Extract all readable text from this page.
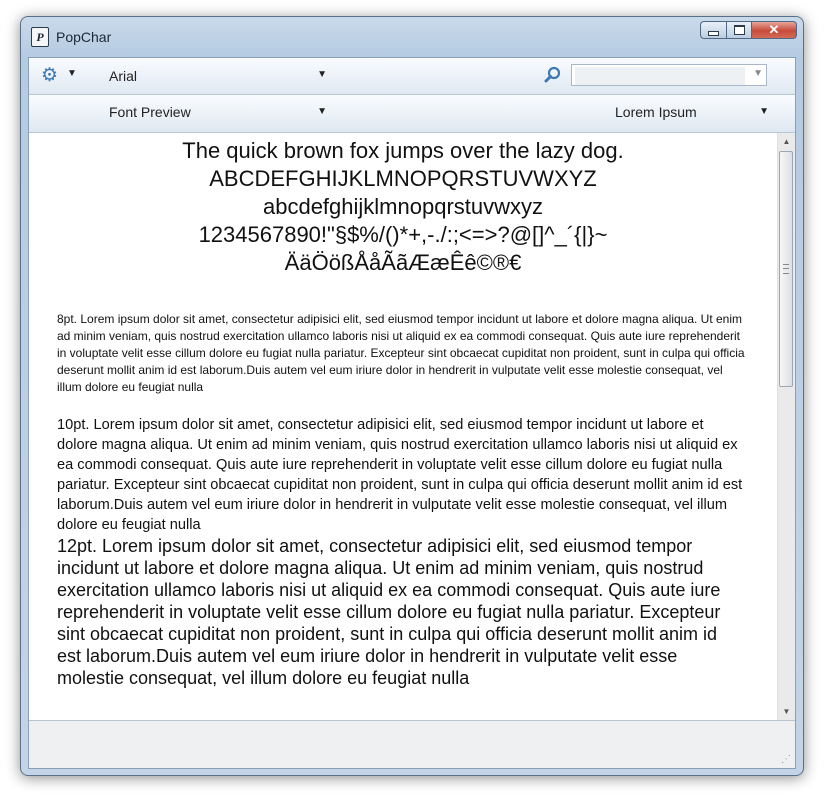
P PopChar	✕
⚙ ▼ Arial	▼	▼
Font Preview	▼	Lorem Ipsum	▼
The quick brown fox jumps over the lazy dog.
ABCDEFGHIJKLMNOPQRSTUVWXYZ
abcdefghijklmnopqrstuvwxyz
1234567890!"§$%/()*+,-./:;<=>?@[]^_´{|}~
ÄäÖößÅåÃãÆæÊê©®€
8pt. Lorem ipsum dolor sit amet, consectetur adipisici elit, sed eiusmod tempor incidunt ut labore et dolore magna aliqua. Ut enim ad minim veniam, quis nostrud exercitation ullamco laboris nisi ut aliquid ex ea commodi consequat. Quis aute iure reprehenderit in voluptate velit esse cillum dolore eu fugiat nulla pariatur. Excepteur sint obcaecat cupiditat non proident, sunt in culpa qui officia deserunt mollit anim id est laborum.Duis autem vel eum iriure dolor in hendrerit in vulputate velit esse molestie consequat, vel illum dolore eu feugiat nulla
10pt. Lorem ipsum dolor sit amet, consectetur adipisici elit, sed eiusmod tempor incidunt ut labore et dolore magna aliqua. Ut enim ad minim veniam, quis nostrud exercitation ullamco laboris nisi ut aliquid ex ea commodi consequat. Quis aute iure reprehenderit in voluptate velit esse cillum dolore eu fugiat nulla pariatur. Excepteur sint obcaecat cupiditat non proident, sunt in culpa qui officia deserunt mollit anim id est laborum.Duis autem vel eum iriure dolor in hendrerit in vulputate velit esse molestie consequat, vel illum dolore eu feugiat nulla
12pt. Lorem ipsum dolor sit amet, consectetur adipisici elit, sed eiusmod tempor incidunt ut labore et dolore magna aliqua. Ut enim ad minim veniam, quis nostrud exercitation ullamco laboris nisi ut aliquid ex ea commodi consequat. Quis aute iure reprehenderit in voluptate velit esse cillum dolore eu fugiat nulla pariatur. Excepteur sint obcaecat cupiditat non proident, sunt in culpa qui officia deserunt mollit anim id est laborum.Duis autem vel eum iriure dolor in hendrerit in vulputate velit esse molestie consequat, vel illum dolore eu feugiat nulla
▲
▼
⋰
